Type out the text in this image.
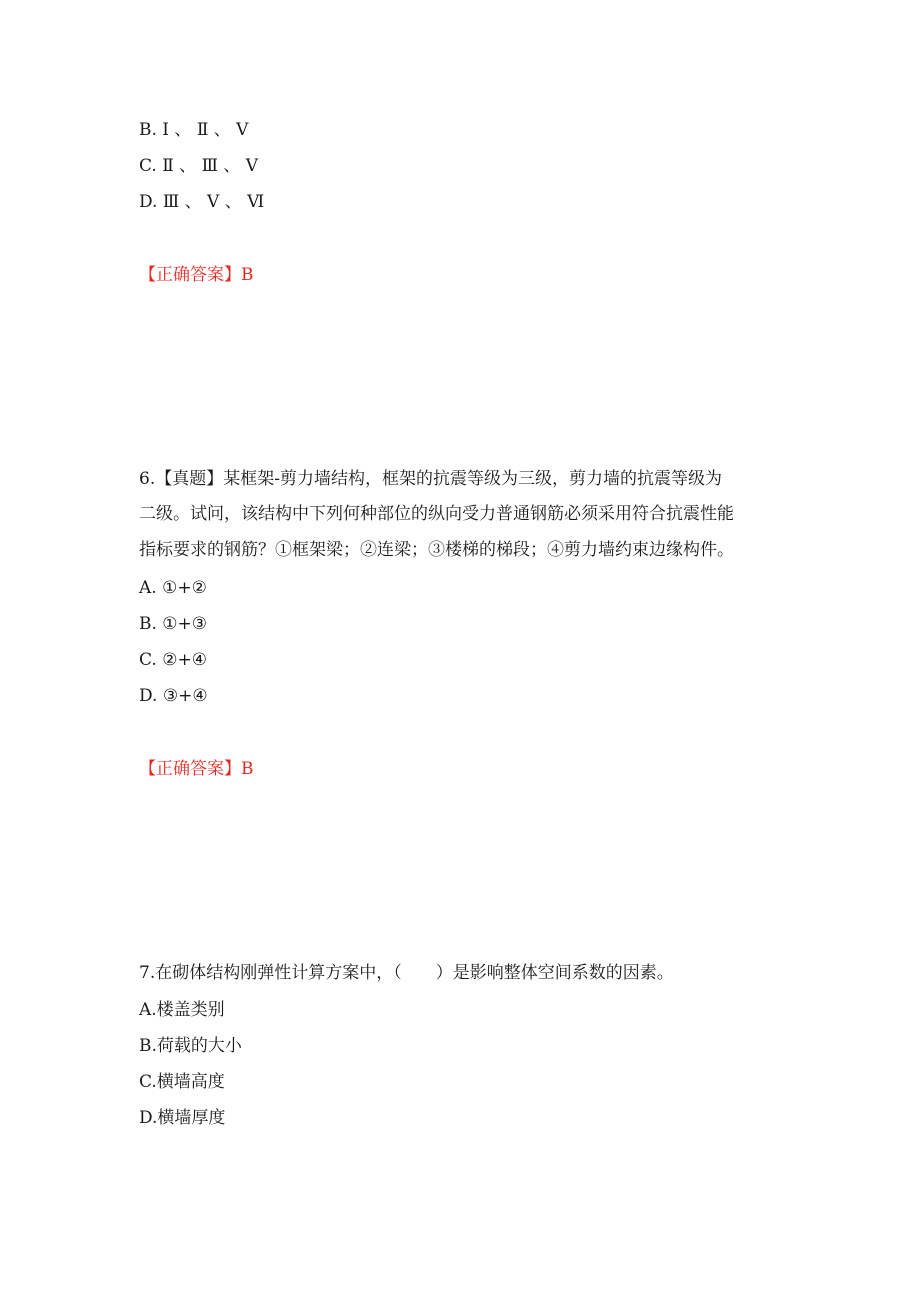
B. Ⅰ 、 Ⅱ 、 V
C. Ⅱ 、 Ⅲ 、 V
D. Ⅲ 、 V 、 Ⅵ
【正确答案】B
6.【真题】某框架-剪力墙结构，框架的抗震等级为三级，剪力墙的抗震等级为
二级。试问，该结构中下列何种部位的纵向受力普通钢筋必须采用符合抗震性能
指标要求的钢筋？①框架梁；②连梁；③楼梯的梯段；④剪力墙约束边缘构件。
A. ①+②
B. ①+③
C. ②+④
D. ③+④
【正确答案】B
7.在砌体结构刚弹性计算方案中，（　　）是影响整体空间系数的因素。
A.楼盖类别
B.荷载的大小
C.横墙高度
D.横墙厚度
